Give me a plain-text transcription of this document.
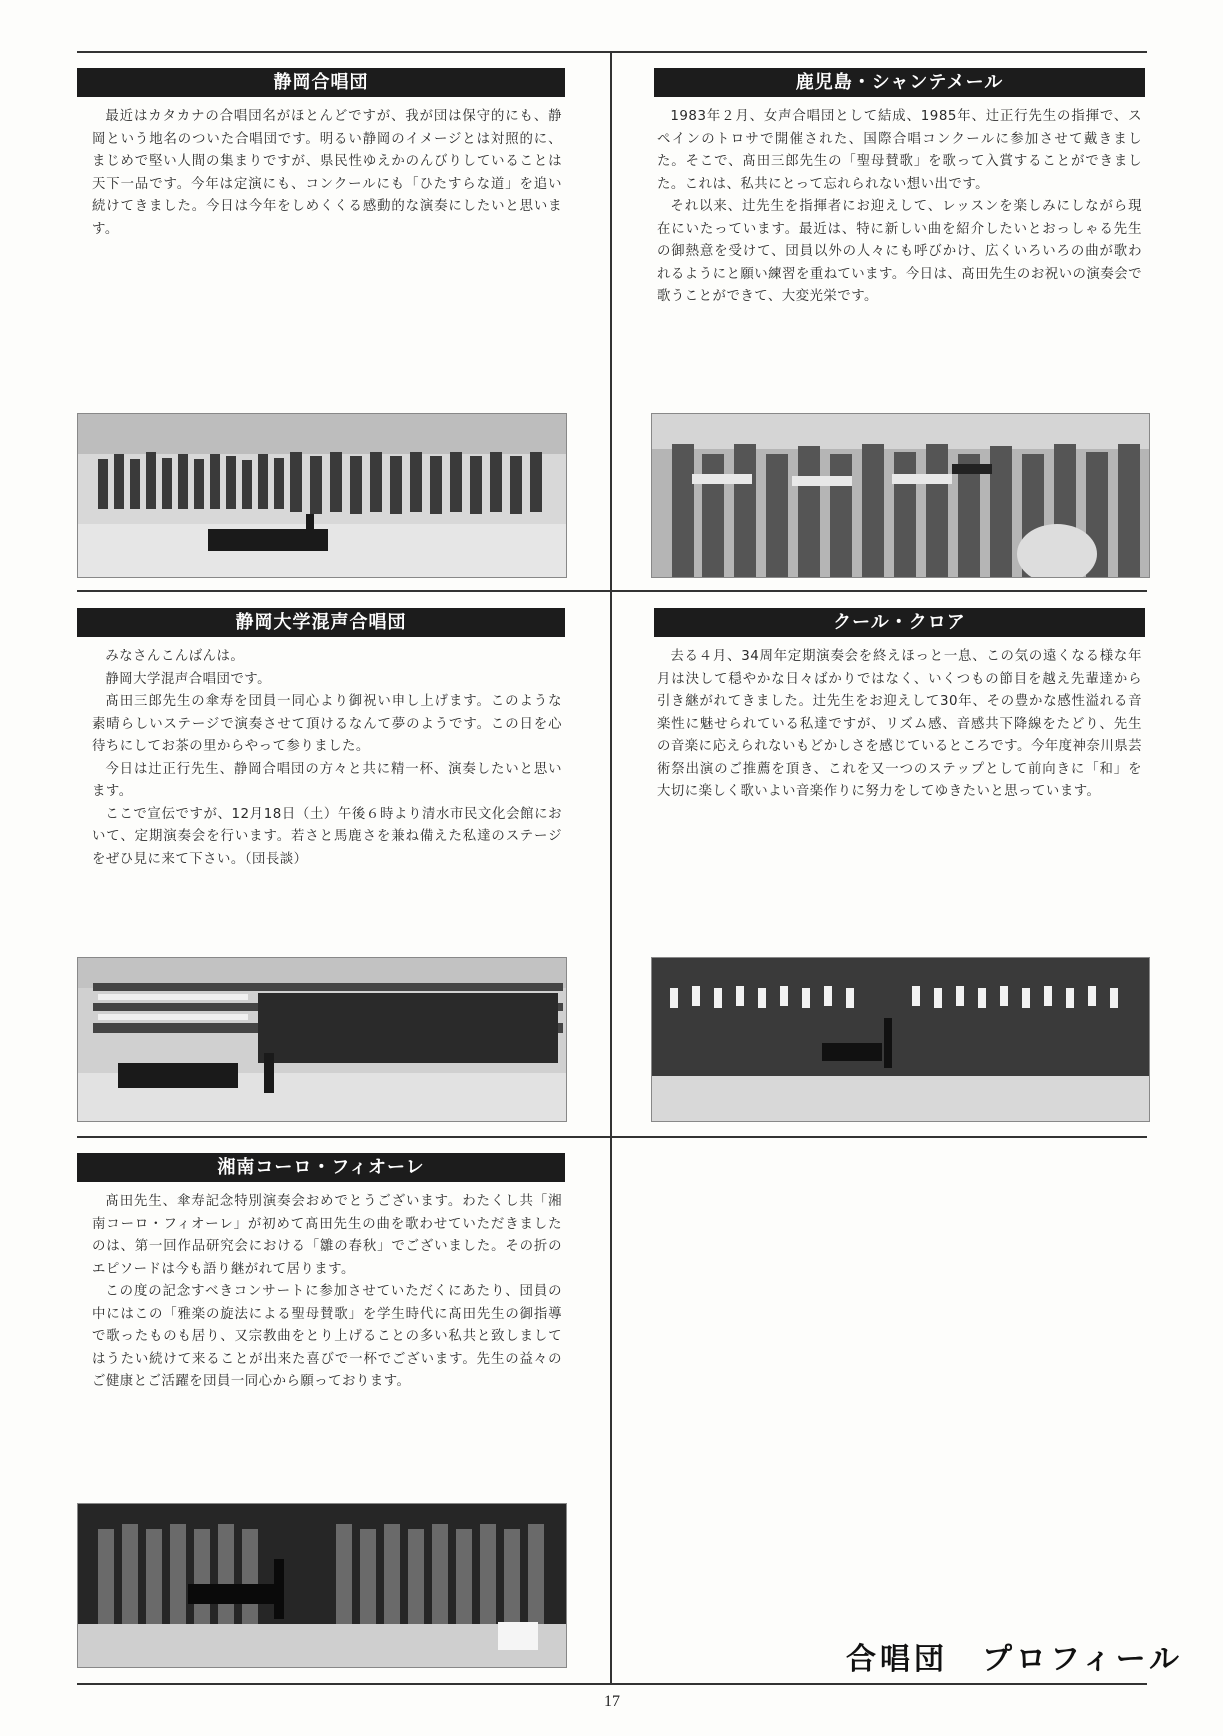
静岡合唱団

最近はカタカナの合唱団名がほとんどですが、我が団は保守的にも、静岡という地名のついた合唱団です。明るい静岡のイメージとは対照的に、まじめで堅い人間の集まりですが、県民性ゆえかのんびりしていることは天下一品です。今年は定演にも、コンクールにも「ひたすらな道」を追い続けてきました。今日は今年をしめくくる感動的な演奏にしたいと思います。

鹿児島・シャンテメール

1983年２月、女声合唱団として結成、1985年、辻正行先生の指揮で、スペインのトロサで開催された、国際合唱コンクールに参加させて戴きました。そこで、髙田三郎先生の「聖母賛歌」を歌って入賞することができました。これは、私共にとって忘れられない想い出です。

それ以来、辻先生を指揮者にお迎えして、レッスンを楽しみにしながら現在にいたっています。最近は、特に新しい曲を紹介したいとおっしゃる先生の御熱意を受けて、団員以外の人々にも呼びかけ、広くいろいろの曲が歌われるようにと願い練習を重ねています。今日は、髙田先生のお祝いの演奏会で歌うことができて、大変光栄です。

静岡大学混声合唱団

みなさんこんばんは。

静岡大学混声合唱団です。

髙田三郎先生の傘寿を団員一同心より御祝い申し上げます。このような素晴らしいステージで演奏させて頂けるなんて夢のようです。この日を心待ちにしてお茶の里からやって参りました。

今日は辻正行先生、静岡合唱団の方々と共に精一杯、演奏したいと思います。

ここで宣伝ですが、12月18日（土）午後６時より清水市民文化会館において、定期演奏会を行います。若さと馬鹿さを兼ね備えた私達のステージをぜひ見に来て下さい。（団長談）

クール・クロア

去る４月、34周年定期演奏会を終えほっと一息、この気の遠くなる様な年月は決して穏やかな日々ばかりではなく、いくつもの節目を越え先輩達から引き継がれてきました。辻先生をお迎えして30年、その豊かな感性溢れる音楽性に魅せられている私達ですが、リズム感、音感共下降線をたどり、先生の音楽に応えられないもどかしさを感じているところです。今年度神奈川県芸術祭出演のご推薦を頂き、これを又一つのステップとして前向きに「和」を大切に楽しく歌いよい音楽作りに努力をしてゆきたいと思っています。

湘南コーロ・フィオーレ

髙田先生、傘寿記念特別演奏会おめでとうございます。わたくし共「湘南コーロ・フィオーレ」が初めて髙田先生の曲を歌わせていただきましたのは、第一回作品研究会における「雛の春秋」でございました。その折のエピソードは今も語り継がれて居ります。

この度の記念すべきコンサートに参加させていただくにあたり、団員の中にはこの「雅楽の旋法による聖母賛歌」を学生時代に髙田先生の御指導で歌ったものも居り、又宗教曲をとり上げることの多い私共と致しましてはうたい続けて来ることが出来た喜びで一杯でございます。先生の益々のご健康とご活躍を団員一同心から願っております。

合唱団　プロフィール
17
